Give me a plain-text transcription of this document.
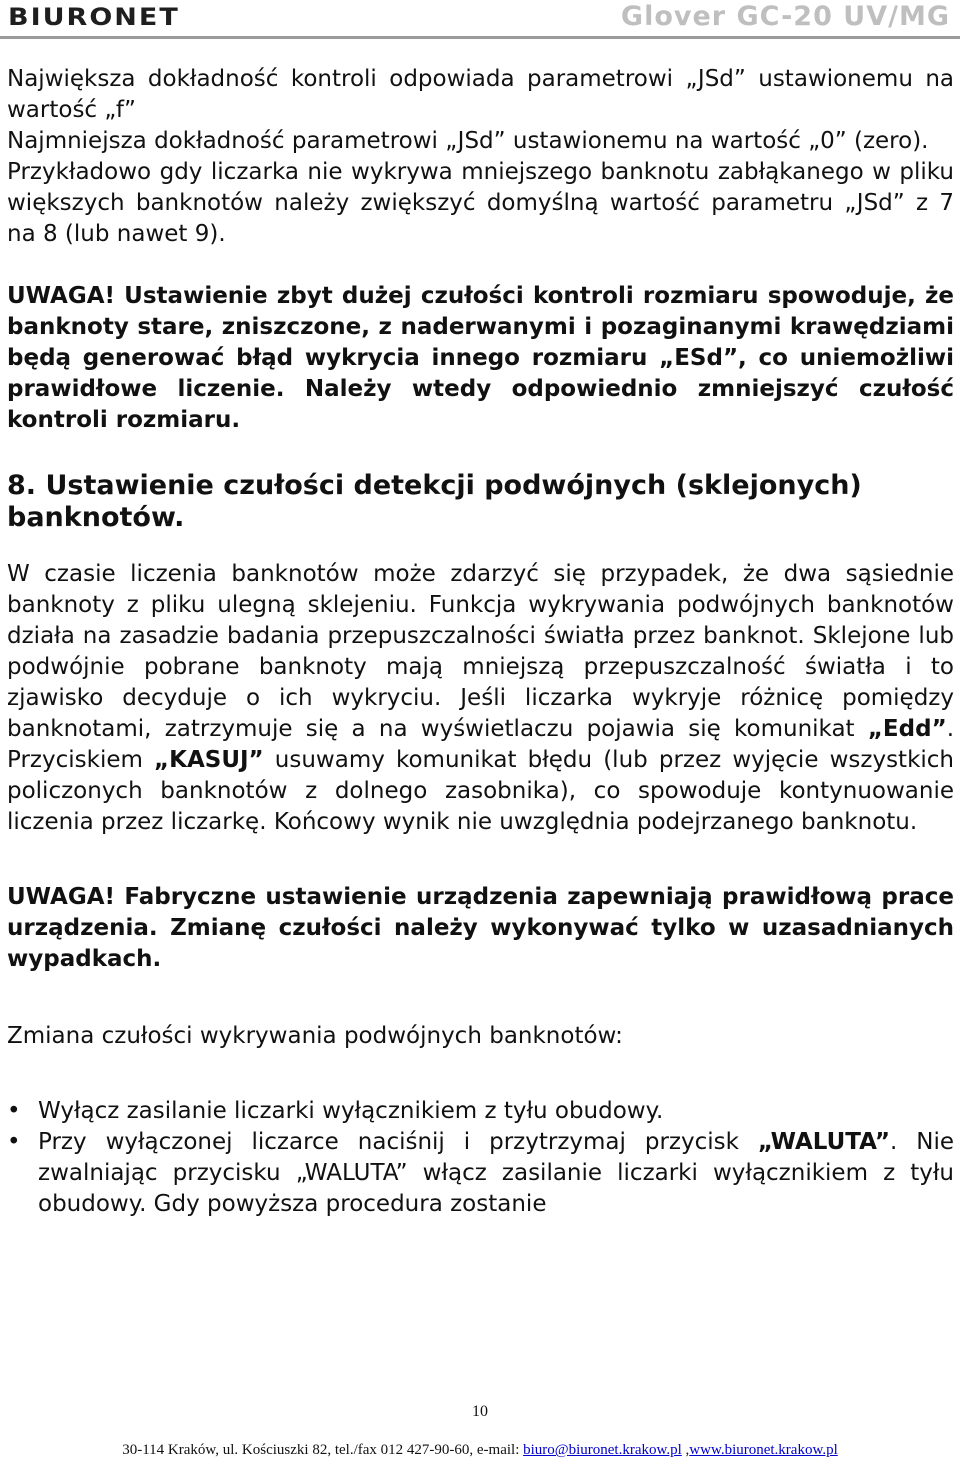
BIURONET	Glover GC-20 UV/MG

Największa dokładność kontroli odpowiada parametrowi „JSd” ustawionemu na wartość „f”

Najmniejsza dokładność parametrowi „JSd” ustawionemu na wartość „0” (zero).

Przykładowo gdy liczarka nie wykrywa mniejszego banknotu zabłąkanego w pliku większych banknotów należy zwiększyć domyślną wartość parametru „JSd” z 7 na 8 (lub nawet 9).

UWAGA! Ustawienie zbyt dużej czułości kontroli rozmiaru spowoduje, że banknoty stare, zniszczone, z naderwanymi i pozaginanymi krawędziami będą generować błąd wykrycia innego rozmiaru „ESd”, co uniemożliwi prawidłowe liczenie. Należy wtedy odpowiednio zmniejszyć czułość kontroli rozmiaru.

8. Ustawienie czułości detekcji podwójnych (sklejonych) banknotów.

W czasie liczenia banknotów może zdarzyć się przypadek, że dwa sąsiednie banknoty z pliku ulegną sklejeniu. Funkcja wykrywania podwójnych banknotów działa na zasadzie badania przepuszczalności światła przez banknot. Sklejone lub podwójnie pobrane banknoty mają mniejszą przepuszczalność światła i to zjawisko decyduje o ich wykryciu. Jeśli liczarka wykryje różnicę pomiędzy banknotami, zatrzymuje się a na wyświetlaczu pojawia się komunikat „Edd”. Przyciskiem „KASUJ” usuwamy komunikat błędu (lub przez wyjęcie wszystkich policzonych banknotów z dolnego zasobnika), co spowoduje kontynuowanie liczenia przez liczarkę. Końcowy wynik nie uwzględnia podejrzanego banknotu.

UWAGA! Fabryczne ustawienie urządzenia zapewniają prawidłową prace urządzenia. Zmianę czułości należy wykonywać tylko w uzasadnianych wypadkach.

Zmiana czułości wykrywania podwójnych banknotów:

• Wyłącz zasilanie liczarki wyłącznikiem z tyłu obudowy.
• Przy wyłączonej liczarce naciśnij i przytrzymaj przycisk „WALUTA”. Nie zwalniając przycisku „WALUTA” włącz zasilanie liczarki wyłącznikiem z tyłu obudowy. Gdy powyższa procedura zostanie
10
30-114 Kraków, ul. Kościuszki 82, tel./fax 012 427-90-60, e-mail: biuro@biuronet.krakow.pl ,www.biuronet.krakow.pl
